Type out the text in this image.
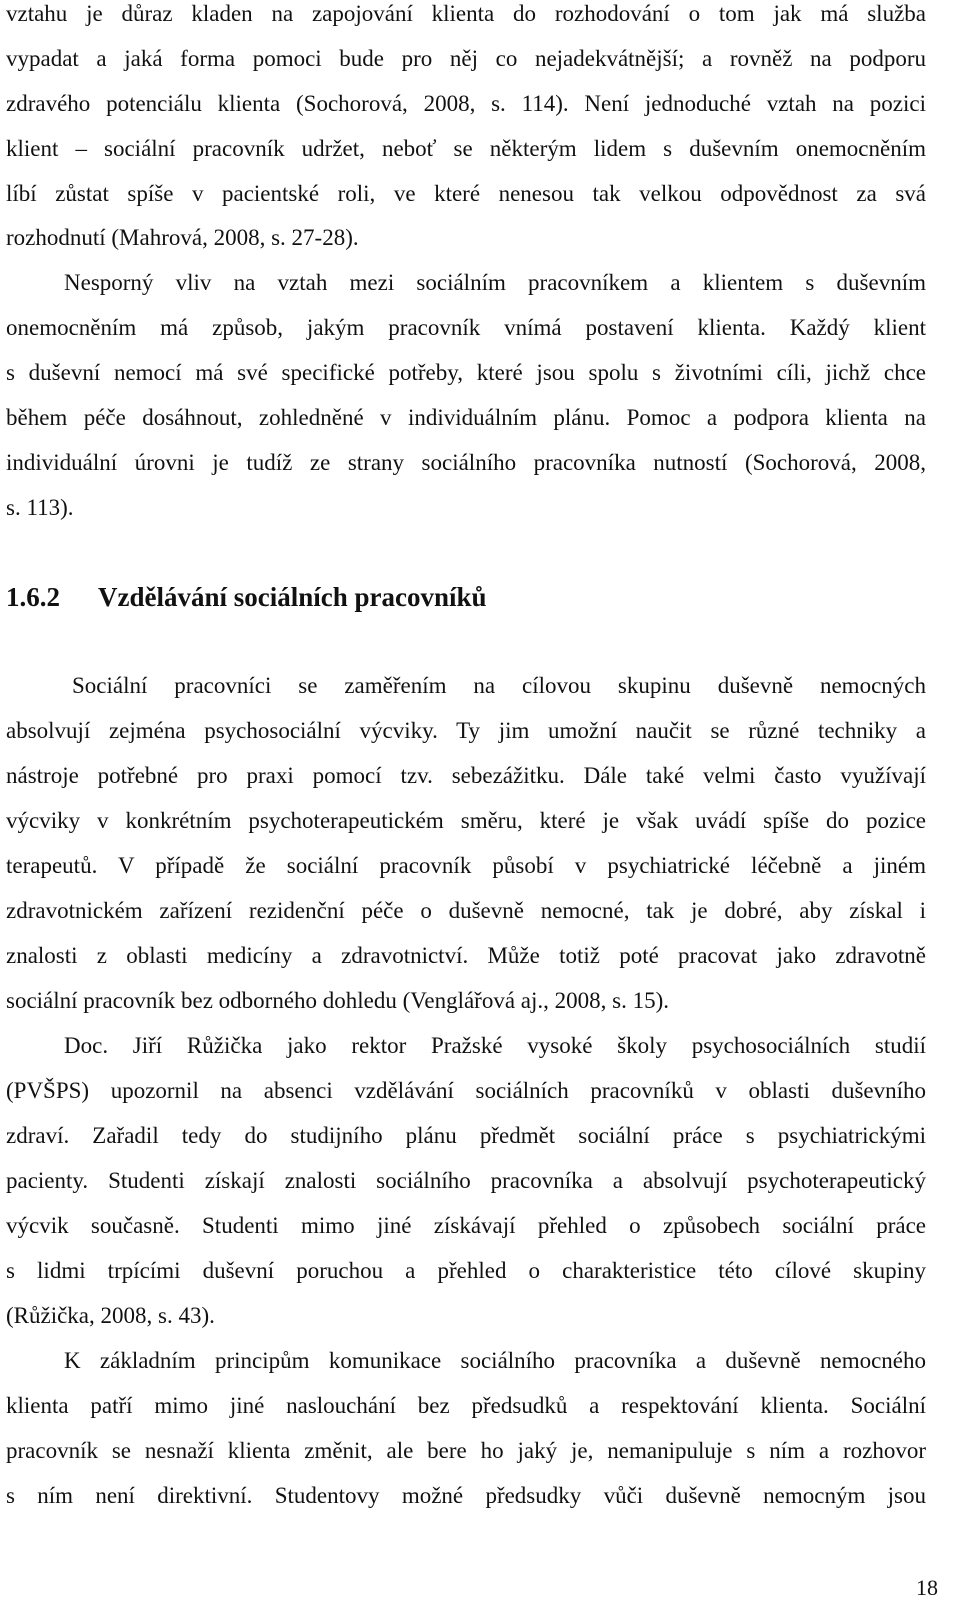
vztahu je důraz kladen na zapojování klienta do rozhodování o tom jak má služba
vypadat a jaká forma pomoci bude pro něj co nejadekvátnější; a rovněž na podporu
zdravého potenciálu klienta (Sochorová, 2008, s. 114). Není jednoduché vztah na pozici
klient – sociální pracovník udržet, neboť se některým lidem s duševním onemocněním
líbí zůstat spíše v pacientské roli, ve které nenesou tak velkou odpovědnost za svá
rozhodnutí (Mahrová, 2008, s. 27-28).
Nesporný vliv na vztah mezi sociálním pracovníkem a klientem s duševním
onemocněním má způsob, jakým pracovník vnímá postavení klienta. Každý klient
s duševní nemocí má své specifické potřeby, které jsou spolu s životními cíli, jichž chce
během péče dosáhnout, zohledněné v individuálním plánu. Pomoc a podpora klienta na
individuální úrovni je tudíž ze strany sociálního pracovníka nutností (Sochorová, 2008,
s. 113).
1.6.2 Vzdělávání sociálních pracovníků
Sociální pracovníci se zaměřením na cílovou skupinu duševně nemocných
absolvují zejména psychosociální výcviky. Ty jim umožní naučit se různé techniky a
nástroje potřebné pro praxi pomocí tzv. sebezážitku. Dále také velmi často využívají
výcviky v konkrétním psychoterapeutickém směru, které je však uvádí spíše do pozice
terapeutů. V případě že sociální pracovník působí v psychiatrické léčebně a jiném
zdravotnickém zařízení rezidenční péče o duševně nemocné, tak je dobré, aby získal i
znalosti z oblasti medicíny a zdravotnictví. Může totiž poté pracovat jako zdravotně
sociální pracovník bez odborného dohledu (Venglářová aj., 2008, s. 15).
Doc. Jiří Růžička jako rektor Pražské vysoké školy psychosociálních studií
(PVŠPS) upozornil na absenci vzdělávání sociálních pracovníků v oblasti duševního
zdraví. Zařadil tedy do studijního plánu předmět sociální práce s psychiatrickými
pacienty. Studenti získají znalosti sociálního pracovníka a absolvují psychoterapeutický
výcvik současně. Studenti mimo jiné získávají přehled o způsobech sociální práce
s lidmi trpícími duševní poruchou a přehled o charakteristice této cílové skupiny
(Růžička, 2008, s. 43).
K základním principům komunikace sociálního pracovníka a duševně nemocného
klienta patří mimo jiné naslouchání bez předsudků a respektování klienta. Sociální
pracovník se nesnaží klienta změnit, ale bere ho jaký je, nemanipuluje s ním a rozhovor
s ním není direktivní. Studentovy možné předsudky vůči duševně nemocným jsou
18
